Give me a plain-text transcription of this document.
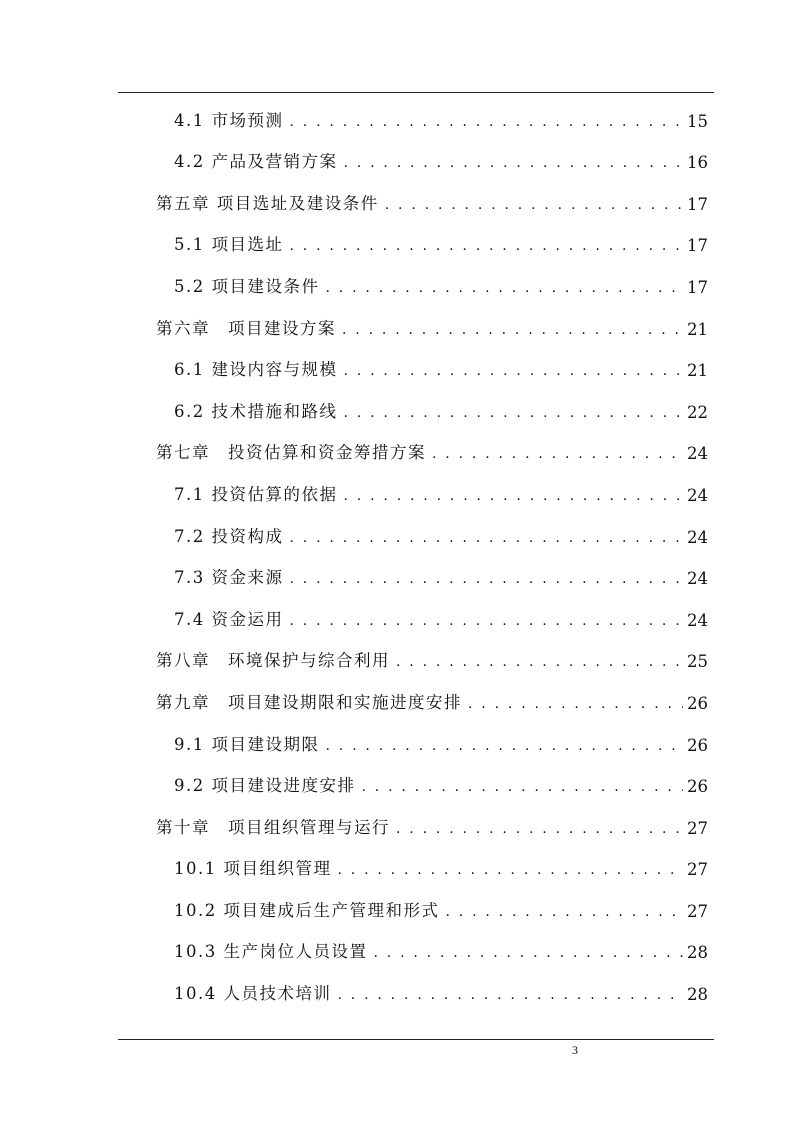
4.1 市场预测 . . .	15
4.2 产品及营销方案 . . .	16
第五章 项目选址及建设条件 . . .	17
5.1 项目选址 . . .	17
5.2 项目建设条件 . . .	17
第六章　项目建设方案 . . .	21
6.1 建设内容与规模 . . .	21
6.2 技术措施和路线 . . .	22
第七章　投资估算和资金筹措方案 . . .	24
7.1 投资估算的依据 . . .	24
7.2 投资构成 . . .	24
7.3 资金来源 . . .	24
7.4 资金运用 . . .	24
第八章　环境保护与综合利用 . . .	25
第九章　项目建设期限和实施进度安排 . . .	26
9.1 项目建设期限 . . .	26
9.2 项目建设进度安排 . . .	26
第十章　项目组织管理与运行 . . .	27
10.1 项目组织管理 . . .	27
10.2 项目建成后生产管理和形式 . . .	27
10.3 生产岗位人员设置 . . .	28
10.4 人员技术培训 . . .	28
3
